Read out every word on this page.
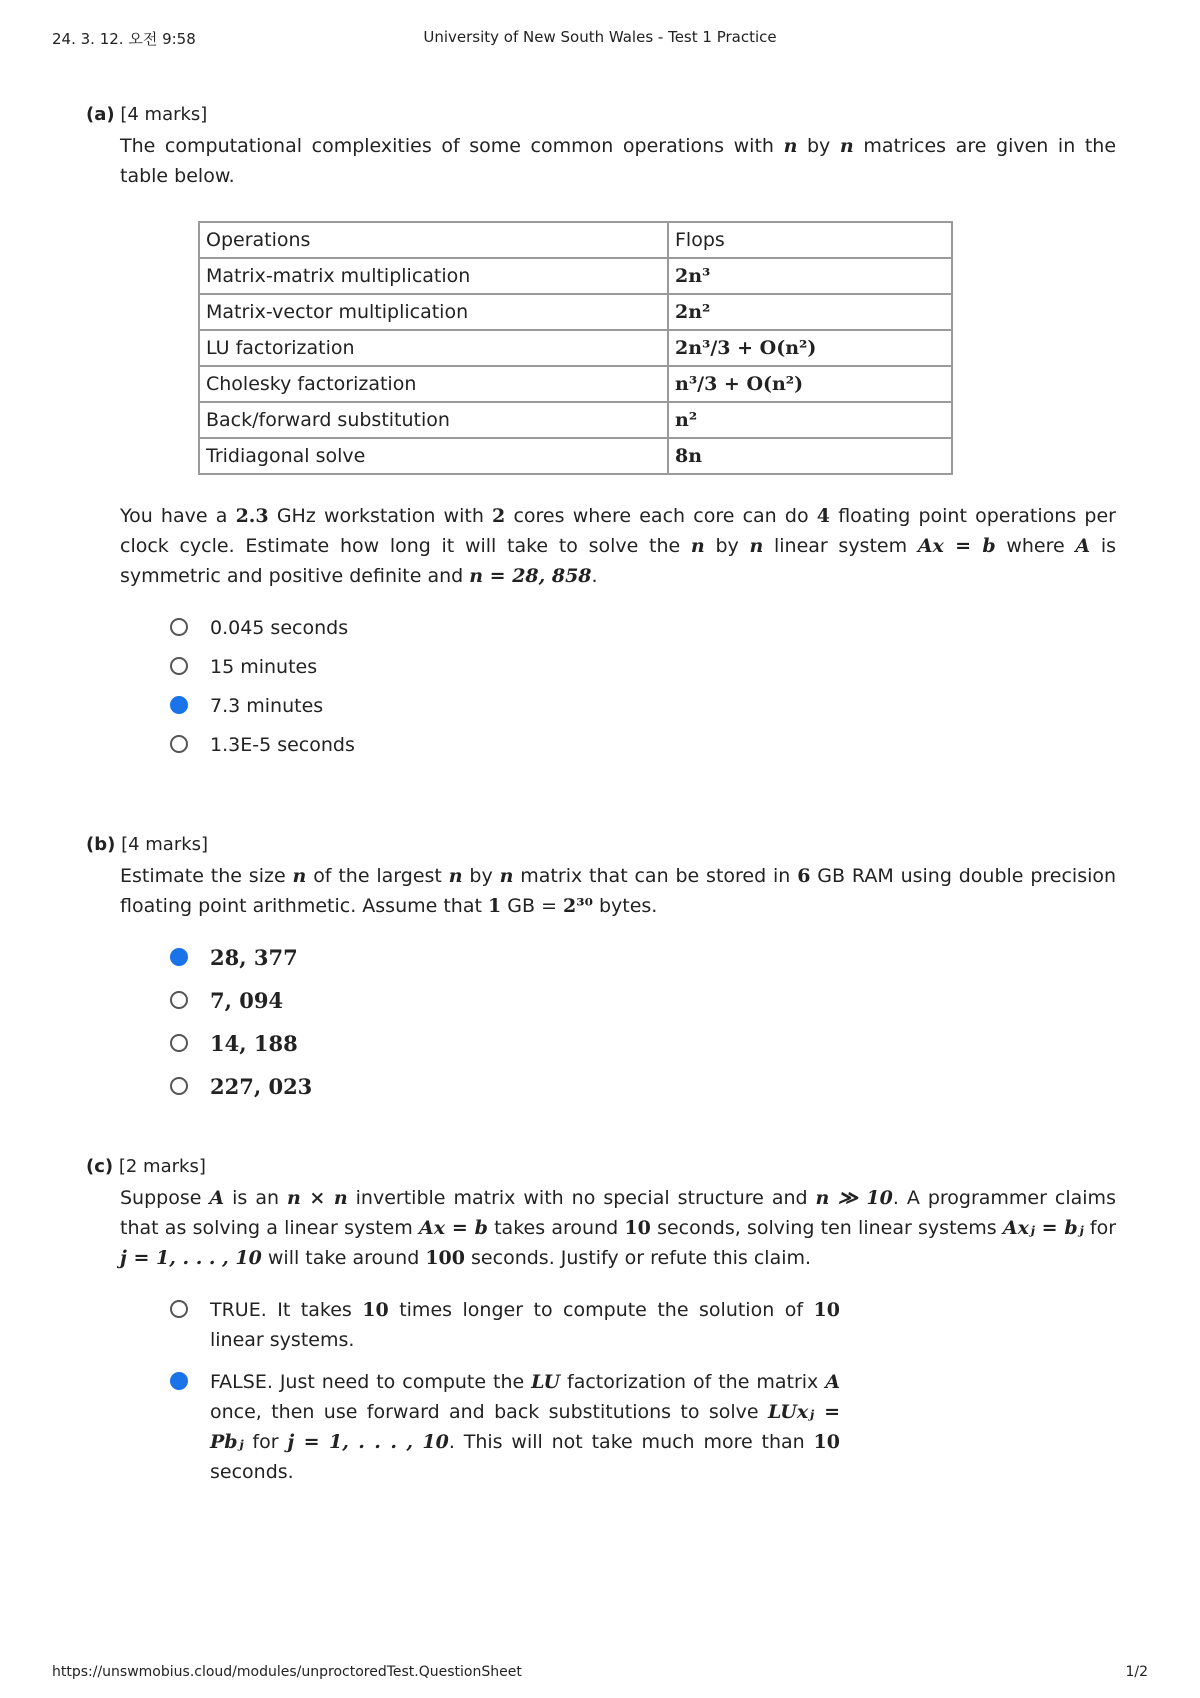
24. 3. 12. 오전 9:58	University of New South Wales - Test 1 Practice
(a) [4 marks]
The computational complexities of some common operations with n by n matrices are given in the table below.
Operations	Flops
Matrix-matrix multiplication	2n³
Matrix-vector multiplication	2n²
LU factorization	2n³/3 + O(n²)
Cholesky factorization	n³/3 + O(n²)
Back/forward substitution	n²
Tridiagonal solve	8n
You have a 2.3 GHz workstation with 2 cores where each core can do 4 floating point operations per clock cycle. Estimate how long it will take to solve the n by n linear system Ax = b where A is symmetric and positive definite and n = 28, 858.
0.045 seconds
15 minutes
7.3 minutes
1.3E-5 seconds
(b) [4 marks]
Estimate the size n of the largest n by n matrix that can be stored in 6 GB RAM using double precision floating point arithmetic. Assume that 1 GB = 2³⁰ bytes.
28, 377
7, 094
14, 188
227, 023
(c) [2 marks]
Suppose A is an n × n invertible matrix with no special structure and n ≫ 10. A programmer claims that as solving a linear system Ax = b takes around 10 seconds, solving ten linear systems Axⱼ = bⱼ for j = 1, . . . , 10 will take around 100 seconds. Justify or refute this claim.
TRUE. It takes 10 times longer to compute the solution of 10 linear systems.
FALSE. Just need to compute the LU factorization of the matrix A once, then use forward and back substitutions to solve LUxⱼ = Pbⱼ for j = 1, . . . , 10. This will not take much more than 10 seconds.
https://unswmobius.cloud/modules/unproctoredTest.QuestionSheet	1/2
